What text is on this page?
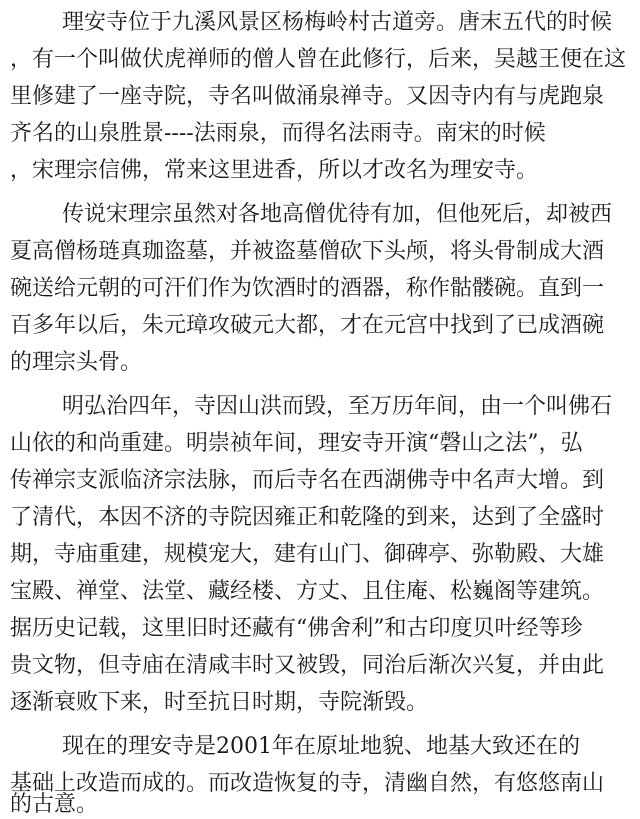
理安寺位于九溪风景区杨梅岭村古道旁。唐末五代的时候
，有一个叫做伏虎禅师的僧人曾在此修行，后来，吴越王便在这
里修建了一座寺院，寺名叫做涌泉禅寺。又因寺内有与虎跑泉
齐名的山泉胜景----法雨泉，而得名法雨寺。南宋的时候
，宋理宗信佛，常来这里进香，所以才改名为理安寺。
传说宋理宗虽然对各地高僧优待有加，但他死后，却被西
夏高僧杨琏真珈盗墓，并被盗墓僧砍下头颅，将头骨制成大酒
碗送给元朝的可汗们作为饮酒时的酒器，称作骷髅碗。直到一
百多年以后，朱元璋攻破元大都，才在元宫中找到了已成酒碗
的理宗头骨。
明弘治四年，寺因山洪而毁，至万历年间，由一个叫佛石
山依的和尚重建。明崇祯年间，理安寺开演“磬山之法”，弘
传禅宗支派临济宗法脉，而后寺名在西湖佛寺中名声大增。到
了清代，本因不济的寺院因雍正和乾隆的到来，达到了全盛时
期，寺庙重建，规模宠大，建有山门、御碑亭、弥勒殿、大雄
宝殿、禅堂、法堂、藏经楼、方丈、且住庵、松巍阁等建筑。
据历史记载，这里旧时还藏有“佛舍利”和古印度贝叶经等珍
贵文物，但寺庙在清咸丰时又被毁，同治后渐次兴复，并由此
逐渐衰败下来，时至抗日时期，寺院渐毁。
现在的理安寺是2001年在原址地貌、地基大致还在的
基础上改造而成的。而改造恢复的寺，清幽自然，有悠悠南山
的古意。
